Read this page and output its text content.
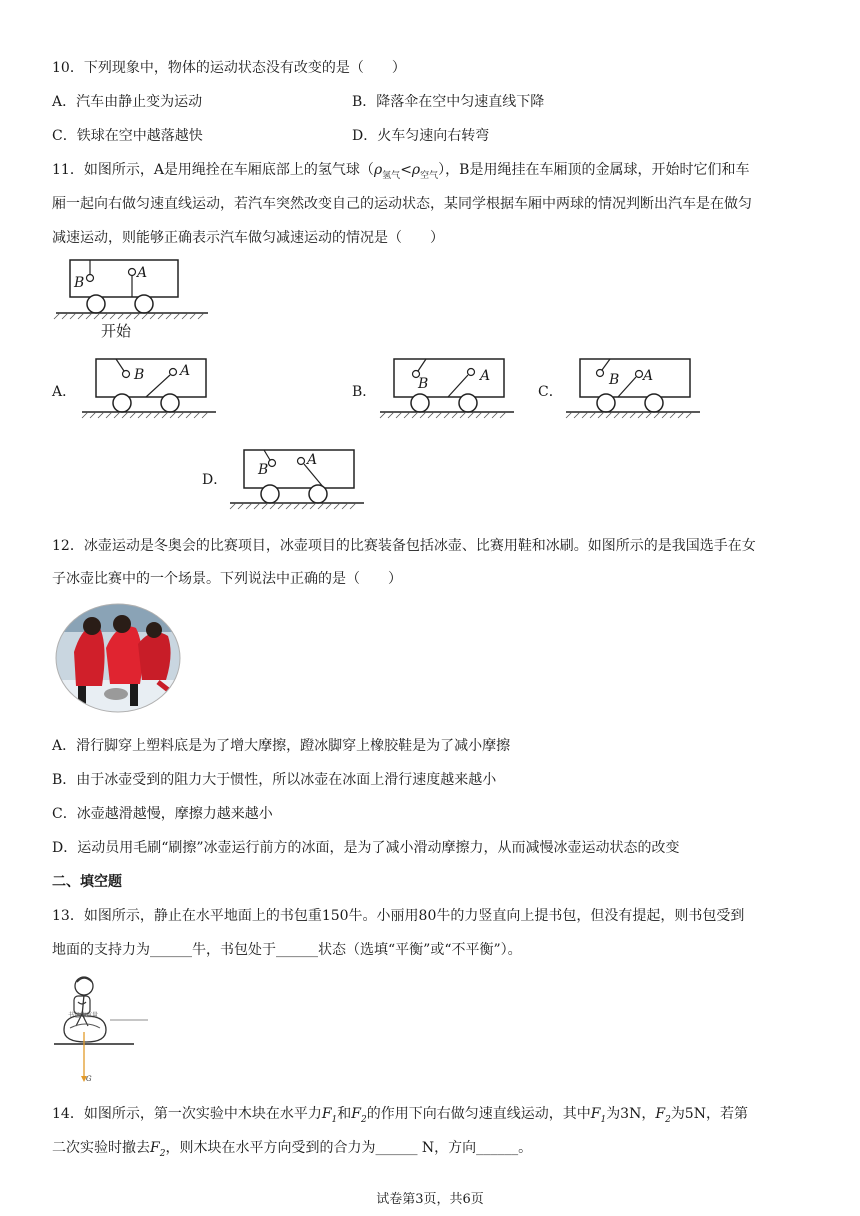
10．下列现象中，物体的运动状态没有改变的是（　　）
A．汽车由静止变为运动	B．降落伞在空中匀速直线下降
C．铁球在空中越落越快	D．火车匀速向右转弯
11．如图所示，A是用绳拴在车厢底部上的氢气球$(\rho_{氢气}<\rho_{空气})$，B是用绳挂在车厢顶的金属球，开始时它们和车
厢一起向右做匀速直线运动，若汽车突然改变自己的运动状态，某同学根据车厢中两球的情况判断出汽车是在做匀
减速运动，则能够正确表示汽车做匀减速运动的情况是（　　）
B
A
开始
A．
B	A
B．	B	A
C．
B A
D．
B
A
12．冰壶运动是冬奥会的比赛项目，冰壶项目的比赛装备包括冰壶、比赛用鞋和冰刷。如图所示的是我国选手在女
子冰壶比赛中的一个场景。下列说法中正确的是（　　）
A．滑行脚穿上塑料底是为了增大摩擦，蹬冰脚穿上橡胶鞋是为了减小摩擦
B．由于冰壶受到的阻力大于惯性，所以冰壶在冰面上滑行速度越来越小
C．冰壶越滑越慢，摩擦力越来越小
D．运动员用毛刷“刷擦”冰壶运行前方的冰面，是为了减小滑动摩擦力，从而减慢冰壶运动状态的改变
二、填空题
13．如图所示，静止在水平地面上的书包重150牛。小丽用80牛的力竖直向上提书包，但没有提起，则书包受到
地面的支持力为______牛，书包处于______状态（选填“平衡”或“不平衡”）。
书包的重量
G
14．如图所示，第一次实验中木块在水平力$F_1$和$F_2$的作用下向右做匀速直线运动，其中$F_1$为3N，$F_2$为5N，若第
二次实验时撤去$F_2$，则木块在水平方向受到的合力为______ N，方向______。
试卷第3页，共6页
